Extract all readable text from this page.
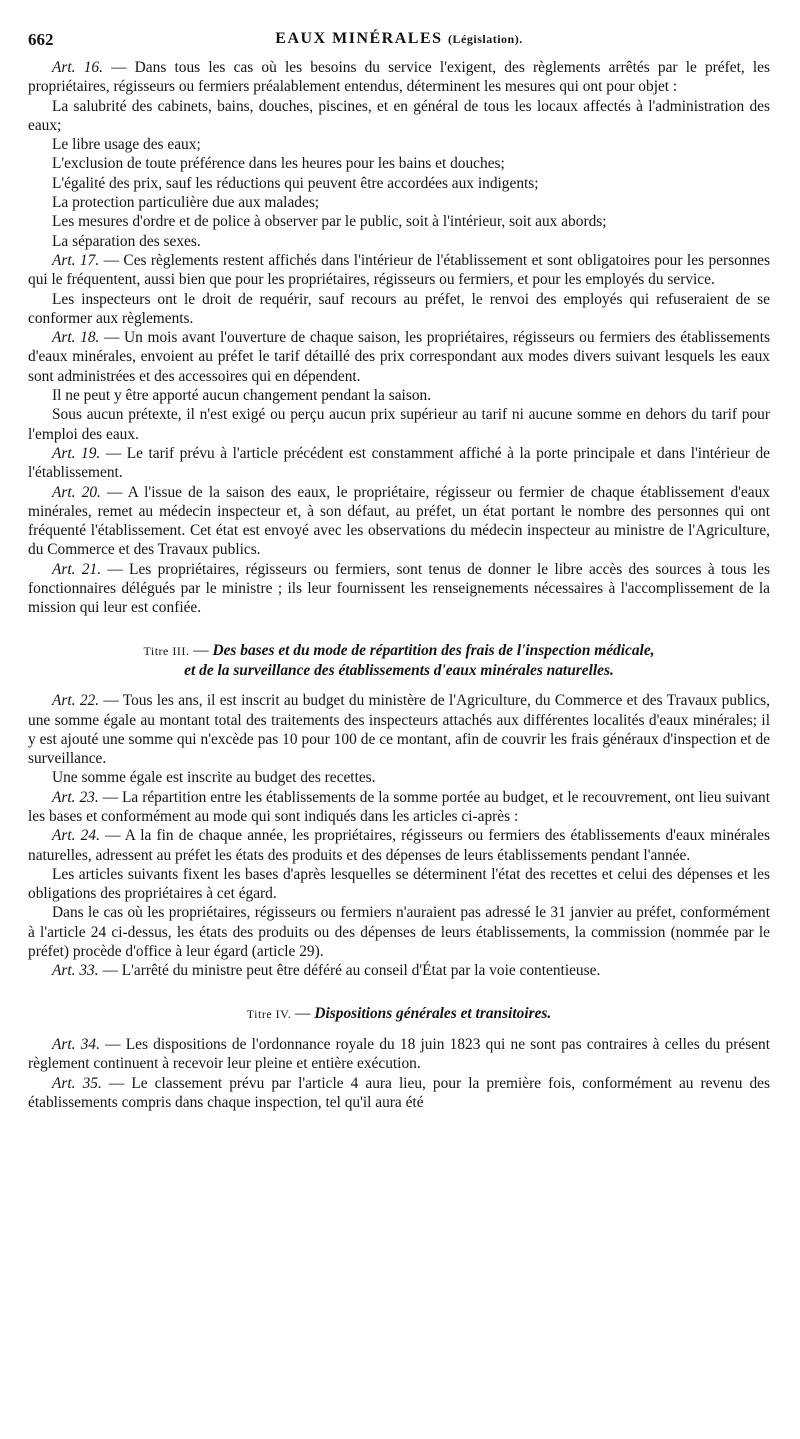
662	EAUX MINÉRALES (Législation).

Art. 16. — Dans tous les cas où les besoins du service l'exigent, des règlements arrêtés par le préfet, les propriétaires, régisseurs ou fermiers préalablement entendus, déterminent les mesures qui ont pour objet :

La salubrité des cabinets, bains, douches, piscines, et en général de tous les locaux affectés à l'administration des eaux;

Le libre usage des eaux;

L'exclusion de toute préférence dans les heures pour les bains et douches;

L'égalité des prix, sauf les réductions qui peuvent être accordées aux indigents;

La protection particulière due aux malades;

Les mesures d'ordre et de police à observer par le public, soit à l'intérieur, soit aux abords;

La séparation des sexes.

Art. 17. — Ces règlements restent affichés dans l'intérieur de l'établissement et sont obligatoires pour les personnes qui le fréquentent, aussi bien que pour les propriétaires, régisseurs ou fermiers, et pour les employés du service.

Les inspecteurs ont le droit de requérir, sauf recours au préfet, le renvoi des employés qui refuseraient de se conformer aux règlements.

Art. 18. — Un mois avant l'ouverture de chaque saison, les propriétaires, régisseurs ou fermiers des établissements d'eaux minérales, envoient au préfet le tarif détaillé des prix correspondant aux modes divers suivant lesquels les eaux sont administrées et des accessoires qui en dépendent.

Il ne peut y être apporté aucun changement pendant la saison.

Sous aucun prétexte, il n'est exigé ou perçu aucun prix supérieur au tarif ni aucune somme en dehors du tarif pour l'emploi des eaux.

Art. 19. — Le tarif prévu à l'article précédent est constamment affiché à la porte principale et dans l'intérieur de l'établissement.

Art. 20. — A l'issue de la saison des eaux, le propriétaire, régisseur ou fermier de chaque établissement d'eaux minérales, remet au médecin inspecteur et, à son défaut, au préfet, un état portant le nombre des personnes qui ont fréquenté l'établissement. Cet état est envoyé avec les observations du médecin inspecteur au ministre de l'Agriculture, du Commerce et des Travaux publics.

Art. 21. — Les propriétaires, régisseurs ou fermiers, sont tenus de donner le libre accès des sources à tous les fonctionnaires délégués par le ministre ; ils leur fournissent les renseignements nécessaires à l'accomplissement de la mission qui leur est confiée.

Titre III. — Des bases et du mode de répartition des frais de l'inspection médicale,
et de la surveillance des établissements d'eaux minérales naturelles.

Art. 22. — Tous les ans, il est inscrit au budget du ministère de l'Agriculture, du Commerce et des Travaux publics, une somme égale au montant total des traitements des inspecteurs attachés aux différentes localités d'eaux minérales; il y est ajouté une somme qui n'excède pas 10 pour 100 de ce montant, afin de couvrir les frais généraux d'inspection et de surveillance.

Une somme égale est inscrite au budget des recettes.

Art. 23. — La répartition entre les établissements de la somme portée au budget, et le recouvrement, ont lieu suivant les bases et conformément au mode qui sont indiqués dans les articles ci-après :

Art. 24. — A la fin de chaque année, les propriétaires, régisseurs ou fermiers des établissements d'eaux minérales naturelles, adressent au préfet les états des produits et des dépenses de leurs établissements pendant l'année.

Les articles suivants fixent les bases d'après lesquelles se déterminent l'état des recettes et celui des dépenses et les obligations des propriétaires à cet égard.

Dans le cas où les propriétaires, régisseurs ou fermiers n'auraient pas adressé le 31 janvier au préfet, conformément à l'article 24 ci-dessus, les états des produits ou des dépenses de leurs établissements, la commission (nommée par le préfet) procède d'office à leur égard (article 29).

Art. 33. — L'arrêté du ministre peut être déféré au conseil d'État par la voie contentieuse.

Titre IV. — Dispositions générales et transitoires.

Art. 34. — Les dispositions de l'ordonnance royale du 18 juin 1823 qui ne sont pas contraires à celles du présent règlement continuent à recevoir leur pleine et entière exécution.

Art. 35. — Le classement prévu par l'article 4 aura lieu, pour la première fois, conformément au revenu des établissements compris dans chaque inspection, tel qu'il aura été
